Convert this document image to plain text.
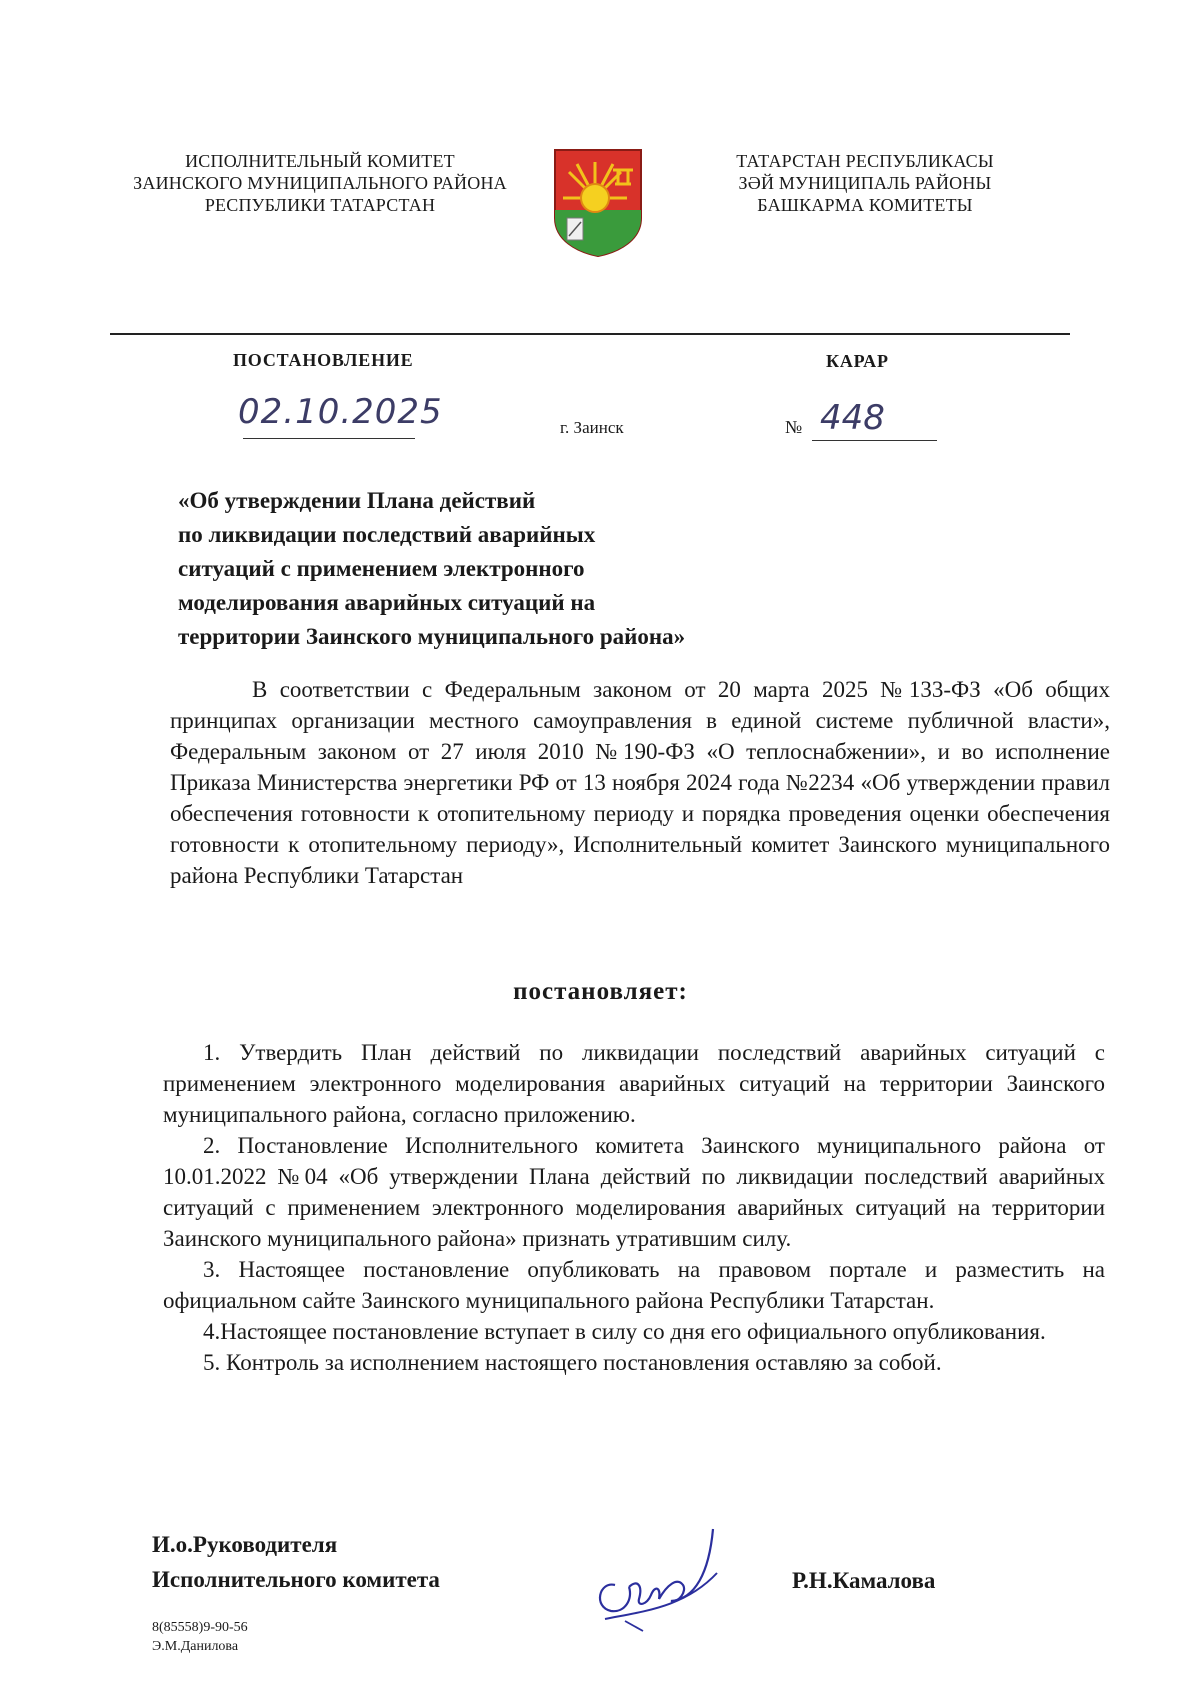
ИСПОЛНИТЕЛЬНЫЙ КОМИТЕТ
ЗАИНСКОГО МУНИЦИПАЛЬНОГО РАЙОНА
РЕСПУБЛИКИ ТАТАРСТАН
ТАТАРСТАН РЕСПУБЛИКАСЫ
ЗӘЙ МУНИЦИПАЛЬ РАЙОНЫ
БАШКАРМА КОМИТЕТЫ
ПОСТАНОВЛЕНИЕ	КАРАР
02.10.2025	г. Заинск	№ 448
«Об утверждении Плана действий
по ликвидации последствий аварийных
ситуаций с применением электронного
моделирования аварийных ситуаций на
территории Заинского муниципального района»
В соответствии с Федеральным законом от 20 марта 2025 №133-ФЗ «Об общих принципах организации местного самоуправления в единой системе публичной власти», Федеральным законом от 27 июля 2010 №190-ФЗ «О теплоснабжении», и во исполнение Приказа Министерства энергетики РФ от 13 ноября 2024 года №2234 «Об утверждении правил обеспечения готовности к отопительному периоду и порядка проведения оценки обеспечения готовности к отопительному периоду», Исполнительный комитет Заинского муниципального района Республики Татарстан
постановляет:

1. Утвердить План действий по ликвидации последствий аварийных ситуаций с применением электронного моделирования аварийных ситуаций на территории Заинского муниципального района, согласно приложению.

2. Постановление Исполнительного комитета Заинского муниципального района от 10.01.2022 №04 «Об утверждении Плана действий по ликвидации последствий аварийных ситуаций с применением электронного моделирования аварийных ситуаций на территории Заинского муниципального района» признать утратившим силу.

3. Настоящее постановление опубликовать на правовом портале и разместить на официальном сайте Заинского муниципального района Республики Татарстан.

4.Настоящее постановление вступает в силу со дня его официального опубликования.

5. Контроль за исполнением настоящего постановления оставляю за собой.

И.о.Руководителя
Исполнительного комитета	Р.Н.Камалова
8(85558)9-90-56
Э.М.Данилова
